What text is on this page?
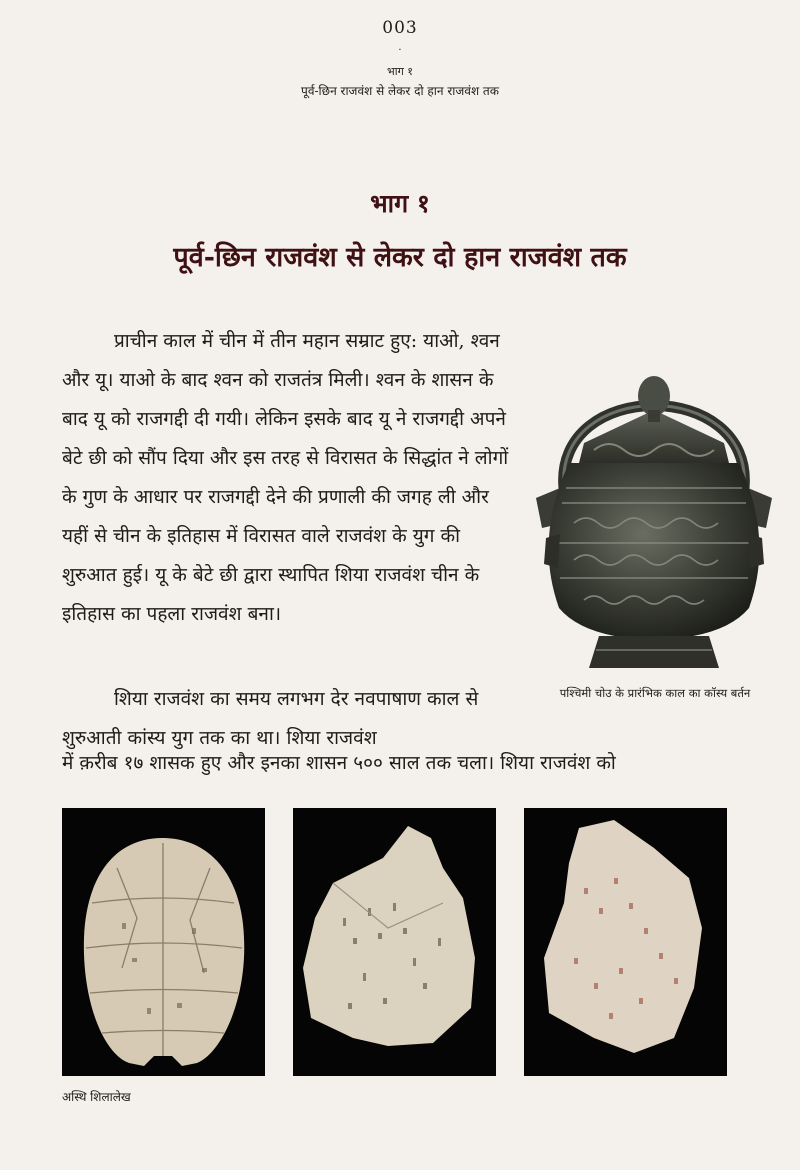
003
·
भाग १
पूर्व-छिन राजवंश से लेकर दो हान राजवंश तक
भाग १
पूर्व-छिन राजवंश से लेकर दो हान राजवंश तक

प्राचीन काल में चीन में तीन महान सम्राट हुए: याओ, श्वन और यू। याओ के बाद श्वन को राजतंत्र मिली। श्वन के शासन के बाद यू को राजगद्दी दी गयी। लेकिन इसके बाद यू ने राजगद्दी अपने बेटे छी को सौंप दिया और इस तरह से विरासत के सिद्धांत ने लोगों के गुण के आधार पर राजगद्दी देने की प्रणाली की जगह ली और यहीं से चीन के इतिहास में विरासत वाले राजवंश के युग की शुरुआत हुई। यू के बेटे छी द्वारा स्थापित शिया राजवंश चीन के इतिहास का पहला राजवंश बना।

शिया राजवंश का समय लगभग देर नवपाषाण काल से शुरुआती कांस्य युग तक का था। शिया राजवंश

में क़रीब १७ शासक हुए और इनका शासन ५०० साल तक चला। शिया राजवंश को
पश्चिमी चोउ के प्रारंभिक काल का कॉस्य बर्तन
अस्थि शिलालेख
